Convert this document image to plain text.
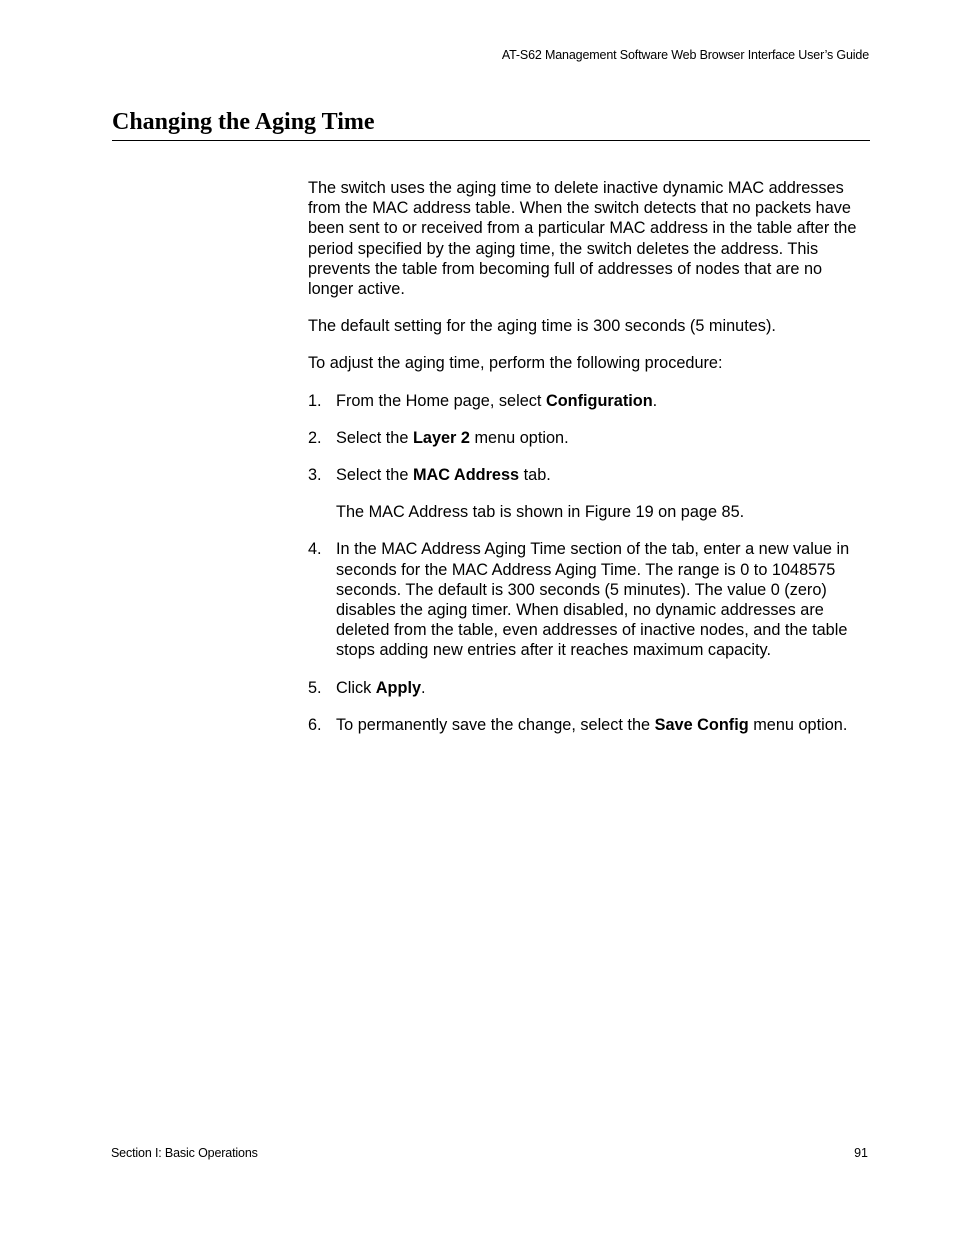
AT-S62 Management Software Web Browser Interface User’s Guide
Changing the Aging Time

The switch uses the aging time to delete inactive dynamic MAC addresses from the MAC address table. When the switch detects that no packets have been sent to or received from a particular MAC address in the table after the period specified by the aging time, the switch deletes the address. This prevents the table from becoming full of addresses of nodes that are no longer active.

The default setting for the aging time is 300 seconds (5 minutes).

To adjust the aging time, perform the following procedure:

1. From the Home page, select Configuration.
2. Select the Layer 2 menu option.
3. Select the MAC Address tab.
The MAC Address tab is shown in Figure 19 on page 85.
4. In the MAC Address Aging Time section of the tab, enter a new value in seconds for the MAC Address Aging Time. The range is 0 to 1048575 seconds. The default is 300 seconds (5 minutes). The value 0 (zero) disables the aging timer. When disabled, no dynamic addresses are deleted from the table, even addresses of inactive nodes, and the table stops adding new entries after it reaches maximum capacity.
5. Click Apply.
6. To permanently save the change, select the Save Config menu option.
Section I: Basic Operations	91
